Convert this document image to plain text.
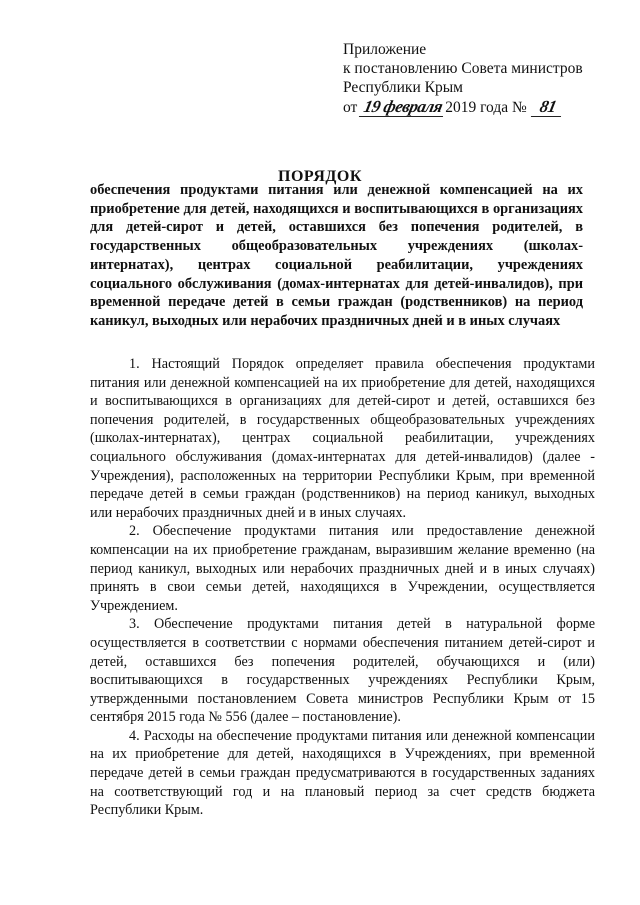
Приложение
к постановлению Совета министров
Республики Крым
от 19 февраля2019 года № 81
ПОРЯДОК
обеспечения продуктами питания или денежной компенсацией на их приобретение для детей, находящихся и воспитывающихся в организациях для детей-сирот и детей, оставшихся без попечения родителей, в государственных общеобразовательных учреждениях (школах-интернатах), центрах социальной реабилитации, учреждениях социального обслуживания (домах-интернатах для детей-инвалидов), при временной передаче детей в семьи граждан (родственников) на период каникул, выходных или нерабочих праздничных дней и в иных случаях

1. Настоящий Порядок определяет правила обеспечения продуктами питания или денежной компенсацией на их приобретение для детей, находящихся и воспитывающихся в организациях для детей-сирот и детей, оставшихся без попечения родителей, в государственных общеобразовательных учреждениях (школах-интернатах), центрах социальной реабилитации, учреждениях социального обслуживания (домах-интернатах для детей-инвалидов) (далее - Учреждения), расположенных на территории Республики Крым, при временной передаче детей в семьи граждан (родственников) на период каникул, выходных или нерабочих праздничных дней и в иных случаях.

2. Обеспечение продуктами питания или предоставление денежной компенсации на их приобретение гражданам, выразившим желание временно (на период каникул, выходных или нерабочих праздничных дней и в иных случаях) принять в свои семьи детей, находящихся в Учреждении, осуществляется Учреждением.

3. Обеспечение продуктами питания детей в натуральной форме осуществляется в соответствии с нормами обеспечения питанием детей-сирот и детей, оставшихся без попечения родителей, обучающихся и (или) воспитывающихся в государственных учреждениях Республики Крым, утвержденными постановлением Совета министров Республики Крым от 15 сентября 2015 года № 556 (далее – постановление).

4. Расходы на обеспечение продуктами питания или денежной компенсации на их приобретение для детей, находящихся в Учреждениях, при временной передаче детей в семьи граждан предусматриваются в государственных заданиях на соответствующий год и на плановый период за счет средств бюджета Республики Крым.
